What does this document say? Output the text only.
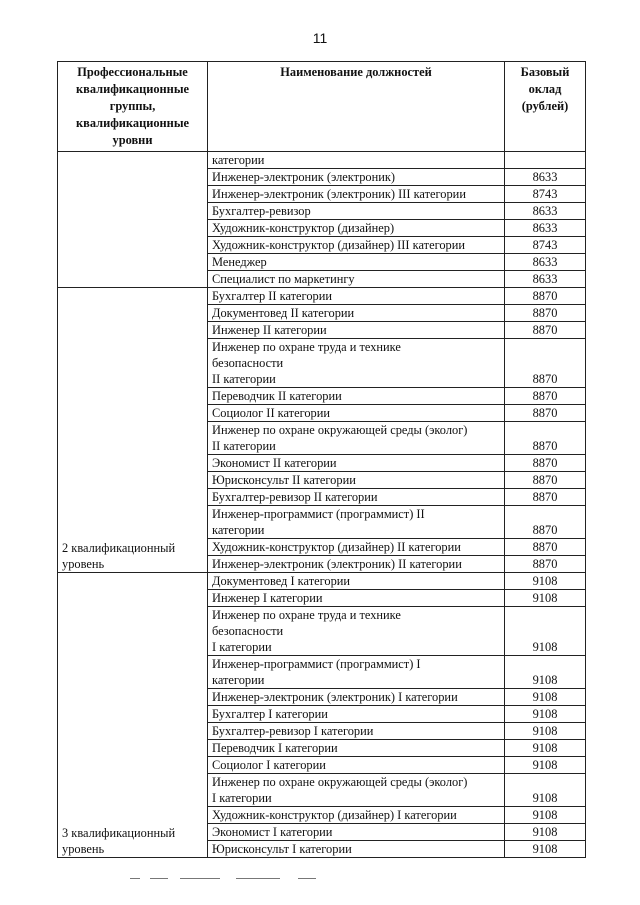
11
Профессиональные квалификационные группы, квалификационные уровни	Наименование должностей	Базовый оклад (рублей)
	категории	
	Инженер-электроник (электроник)	8633
	Инженер-электроник (электроник) III категории	8743
	Бухгалтер-ревизор	8633
	Художник-конструктор (дизайнер)	8633
	Художник-конструктор (дизайнер) III категории	8743
	Менеджер	8633
	Специалист по маркетингу	8633
2 квалификационный уровень	Бухгалтер II категории	8870
	Документовед II категории	8870
	Инженер II категории	8870
	Инженер по охране труда и технике
безопасности
II категории	8870
	Переводчик II категории	8870
	Социолог II категории	8870
	Инженер по охране окружающей среды (эколог)
II категории	8870
	Экономист II категории	8870
	Юрисконсульт II категории	8870
	Бухгалтер-ревизор II категории	8870
	Инженер-программист (программист) II
категории	8870
	Художник-конструктор (дизайнер) II категории	8870
	Инженер-электроник (электроник) II категории	8870
3 квалификационный уровень	Документовед I категории	9108
	Инженер I категории	9108
	Инженер по охране труда и технике
безопасности
I категории	9108
	Инженер-программист (программист) I
категории	9108
	Инженер-электроник (электроник) I категории	9108
	Бухгалтер I категории	9108
	Бухгалтер-ревизор I категории	9108
	Переводчик I категории	9108
	Социолог I категории	9108
	Инженер по охране окружающей среды (эколог)
I категории	9108
	Художник-конструктор (дизайнер) I категории	9108
	Экономист I категории	9108
	Юрисконсульт I категории	9108
